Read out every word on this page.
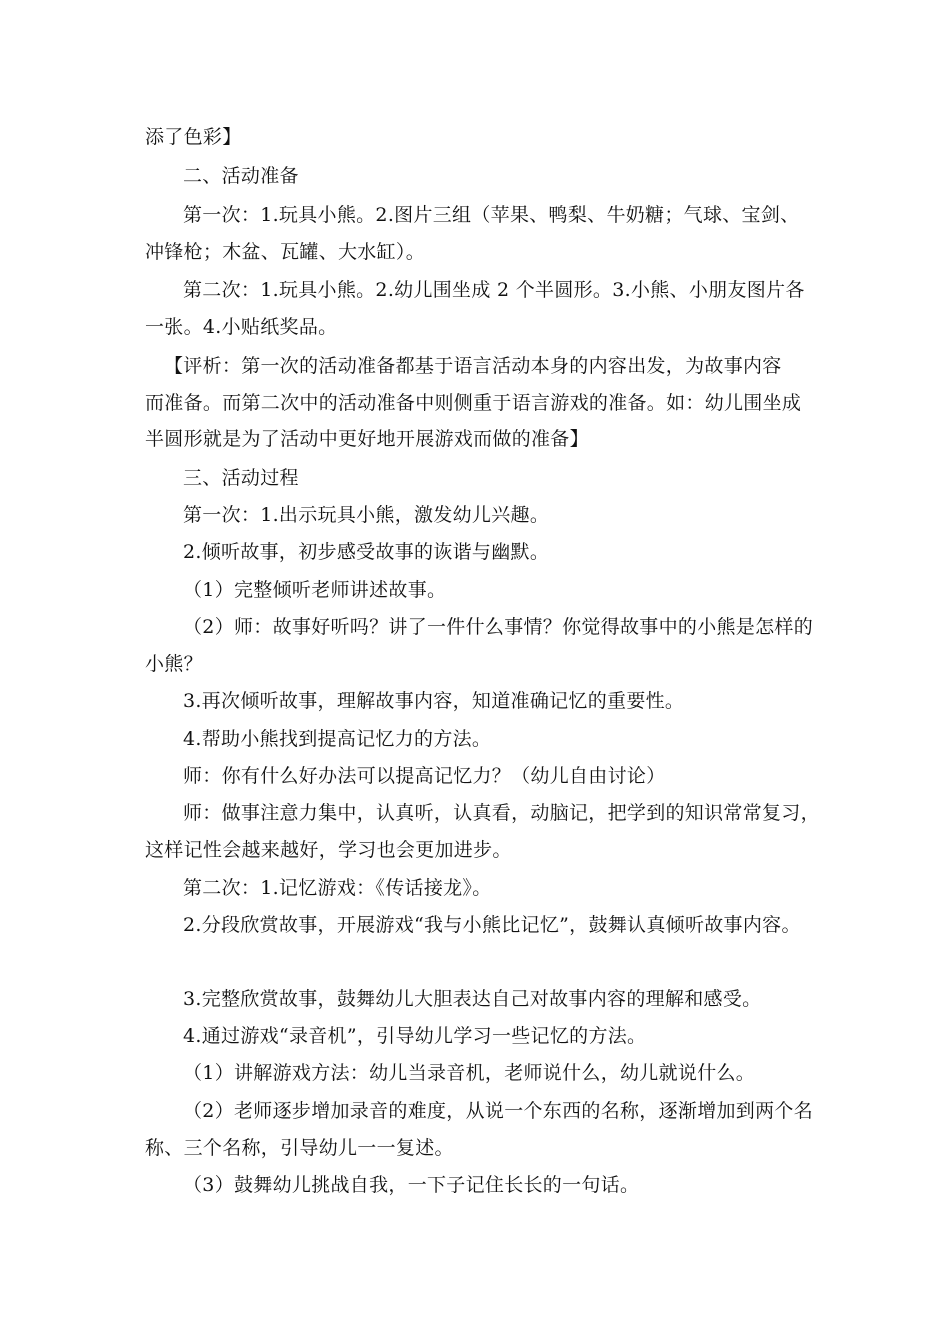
添了色彩】
二、活动准备
第一次：1.玩具小熊。2.图片三组（苹果、鸭梨、牛奶糖；气球、宝剑、
冲锋枪；木盆、瓦罐、大水缸）。
第二次：1.玩具小熊。2.幼儿围坐成 2 个半圆形。3.小熊、小朋友图片各
一张。4.小贴纸奖品。
【评析：第一次的活动准备都基于语言活动本身的内容出发，为故事内容
而准备。而第二次中的活动准备中则侧重于语言游戏的准备。如：幼儿围坐成
半圆形就是为了活动中更好地开展游戏而做的准备】
三、活动过程
第一次：1.出示玩具小熊，激发幼儿兴趣。
2.倾听故事，初步感受故事的诙谐与幽默。
（1）完整倾听老师讲述故事。
（2）师：故事好听吗？讲了一件什么事情？你觉得故事中的小熊是怎样的
小熊？
3.再次倾听故事，理解故事内容，知道准确记忆的重要性。
4.帮助小熊找到提高记忆力的方法。
师：你有什么好办法可以提高记忆力？（幼儿自由讨论）
师：做事注意力集中，认真听，认真看，动脑记，把学到的知识常常复习，
这样记性会越来越好，学习也会更加进步。
第二次：1.记忆游戏：《传话接龙》。
2.分段欣赏故事，开展游戏“我与小熊比记忆”，鼓舞认真倾听故事内容。
3.完整欣赏故事，鼓舞幼儿大胆表达自己对故事内容的理解和感受。
4.通过游戏“录音机”，引导幼儿学习一些记忆的方法。
（1）讲解游戏方法：幼儿当录音机，老师说什么，幼儿就说什么。
（2）老师逐步增加录音的难度，从说一个东西的名称，逐渐增加到两个名
称、三个名称，引导幼儿一一复述。
（3）鼓舞幼儿挑战自我，一下子记住长长的一句话。
